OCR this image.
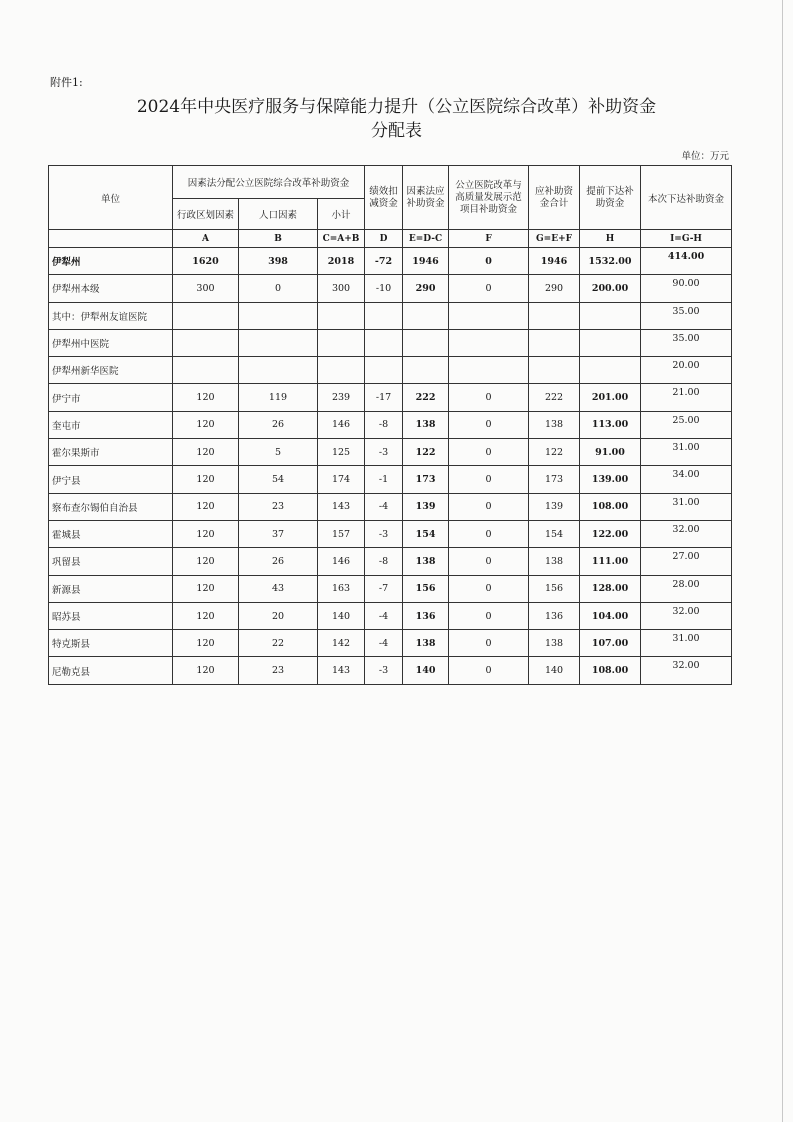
附件1:
2024年中央医疗服务与保障能力提升（公立医院综合改革）补助资金
分配表
单位：万元
单位	因素法分配公立医院综合改革补助资金			绩效扣减资金	因素法应补助资金	公立医院改革与高质量发展示范项目补助资金	应补助资金合计	提前下达补助资金	本次下达补助资金
	行政区划因素	人口因素	小计						
	A	B	C=A+B	D	E=D-C	F	G=E+F	H	I=G-H
伊犁州	1620	398	2018	-72	1946	0	1946	1532.00	414.00
伊犁州本级	300	0	300	-10	290	0	290	200.00	90.00
其中：伊犁州友谊医院									35.00
伊犁州中医院									35.00
伊犁州新华医院									20.00
伊宁市	120	119	239	-17	222	0	222	201.00	21.00
奎屯市	120	26	146	-8	138	0	138	113.00	25.00
霍尔果斯市	120	5	125	-3	122	0	122	91.00	31.00
伊宁县	120	54	174	-1	173	0	173	139.00	34.00
察布查尔锡伯自治县	120	23	143	-4	139	0	139	108.00	31.00
霍城县	120	37	157	-3	154	0	154	122.00	32.00
巩留县	120	26	146	-8	138	0	138	111.00	27.00
新源县	120	43	163	-7	156	0	156	128.00	28.00
昭苏县	120	20	140	-4	136	0	136	104.00	32.00
特克斯县	120	22	142	-4	138	0	138	107.00	31.00
尼勒克县	120	23	143	-3	140	0	140	108.00	32.00
